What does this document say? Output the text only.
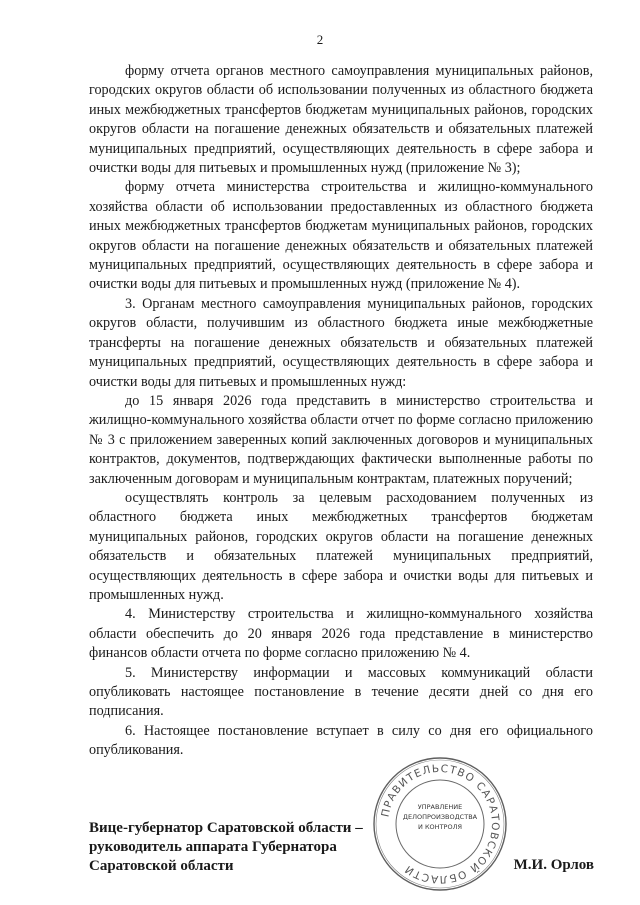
2

форму отчета органов местного самоуправления муниципальных районов, городских округов области об использовании полученных из областного бюджета иных межбюджетных трансфертов бюджетам муниципальных районов, городских округов области на погашение денежных обязательств и обязательных платежей муниципальных предприятий, осуществляющих деятельность в сфере забора и очистки воды для питьевых и промышленных нужд (приложение № 3);

форму отчета министерства строительства и жилищно-коммунального хозяйства области об использовании предоставленных из областного бюджета иных межбюджетных трансфертов бюджетам муниципальных районов, городских округов области на погашение денежных обязательств и обязательных платежей муниципальных предприятий, осуществляющих деятельность в сфере забора и очистки воды для питьевых и промышленных нужд (приложение № 4).

3. Органам местного самоуправления муниципальных районов, городских округов области, получившим из областного бюджета иные межбюджетные трансферты на погашение денежных обязательств и обязательных платежей муниципальных предприятий, осуществляющих деятельность в сфере забора и очистки воды для питьевых и промышленных нужд:

до 15 января 2026 года представить в министерство строительства и жилищно-коммунального хозяйства области отчет по форме согласно приложению № 3 с приложением заверенных копий заключенных договоров и муниципальных контрактов, документов, подтверждающих фактически выполненные работы по заключенным договорам и муниципальным контрактам, платежных поручений;

осуществлять контроль за целевым расходованием полученных из областного бюджета иных межбюджетных трансфертов бюджетам муниципальных районов, городских округов области на погашение денежных обязательств и обязательных платежей муниципальных предприятий, осуществляющих деятельность в сфере забора и очистки воды для питьевых и промышленных нужд.

4. Министерству строительства и жилищно-коммунального хозяйства области обеспечить до 20 января 2026 года представление в министерство финансов области отчета по форме согласно приложению № 4.

5. Министерству информации и массовых коммуникаций области опубликовать настоящее постановление в течение десяти дней со дня его подписания.

6. Настоящее постановление вступает в силу со дня его официального опубликования.

ПРАВИТЕЛЬСТВО САРАТОВСКОЙ ОБЛАСТИ
УПРАВЛЕНИЕ
ДЕЛОПРОИЗВОДСТВА
И КОНТРОЛЯ
Вице-губернатор Саратовской области –
руководитель аппарата Губернатора
Саратовской области	М.И. Орлов
